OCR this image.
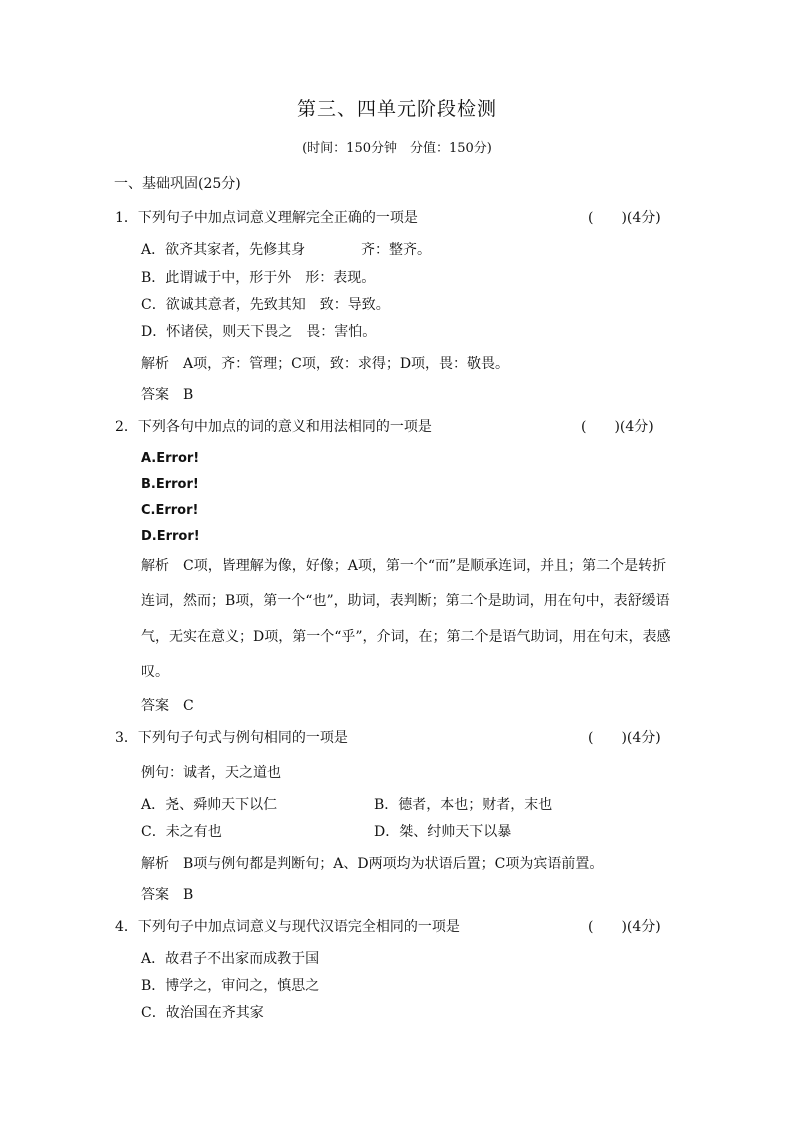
第三、四单元阶段检测
(时间：150分钟　分值：150分)
一、基础巩固(25分)
1．下列句子中加点词意义理解完全正确的一项是	(　　)(4分)
A．欲齐其家者，先修其身	齐：整齐。
B．此谓诚于中，形于外　形：表现。
C．欲诚其意者，先致其知　致：导致。
D．怀诸侯，则天下畏之　畏：害怕。
解析　A项，齐：管理；C项，致：求得；D项，畏：敬畏。
答案　B
2．下列各句中加点的词的意义和用法相同的一项是	(　　)(4分)
A.Error!
B.Error!
C.Error!
D.Error!
解析　C项，皆理解为像，好像；A项，第一个“而”是顺承连词，并且；第二个是转折
连词，然而；B项，第一个“也”，助词，表判断；第二个是助词，用在句中，表舒缓语
气，无实在意义；D项，第一个“乎”，介词，在；第二个是语气助词，用在句末，表感
叹。
答案　C
3．下列句子句式与例句相同的一项是	(　　)(4分)
例句：诚者，天之道也
A．尧、舜帅天下以仁	B．德者，本也；财者，末也
C．未之有也	D．桀、纣帅天下以暴
解析　B项与例句都是判断句；A、D两项均为状语后置；C项为宾语前置。
答案　B
4．下列句子中加点词意义与现代汉语完全相同的一项是	(　　)(4分)
A．故君子不出家而成教于国
B．博学之，审问之，慎思之
C．故治国在齐其家
